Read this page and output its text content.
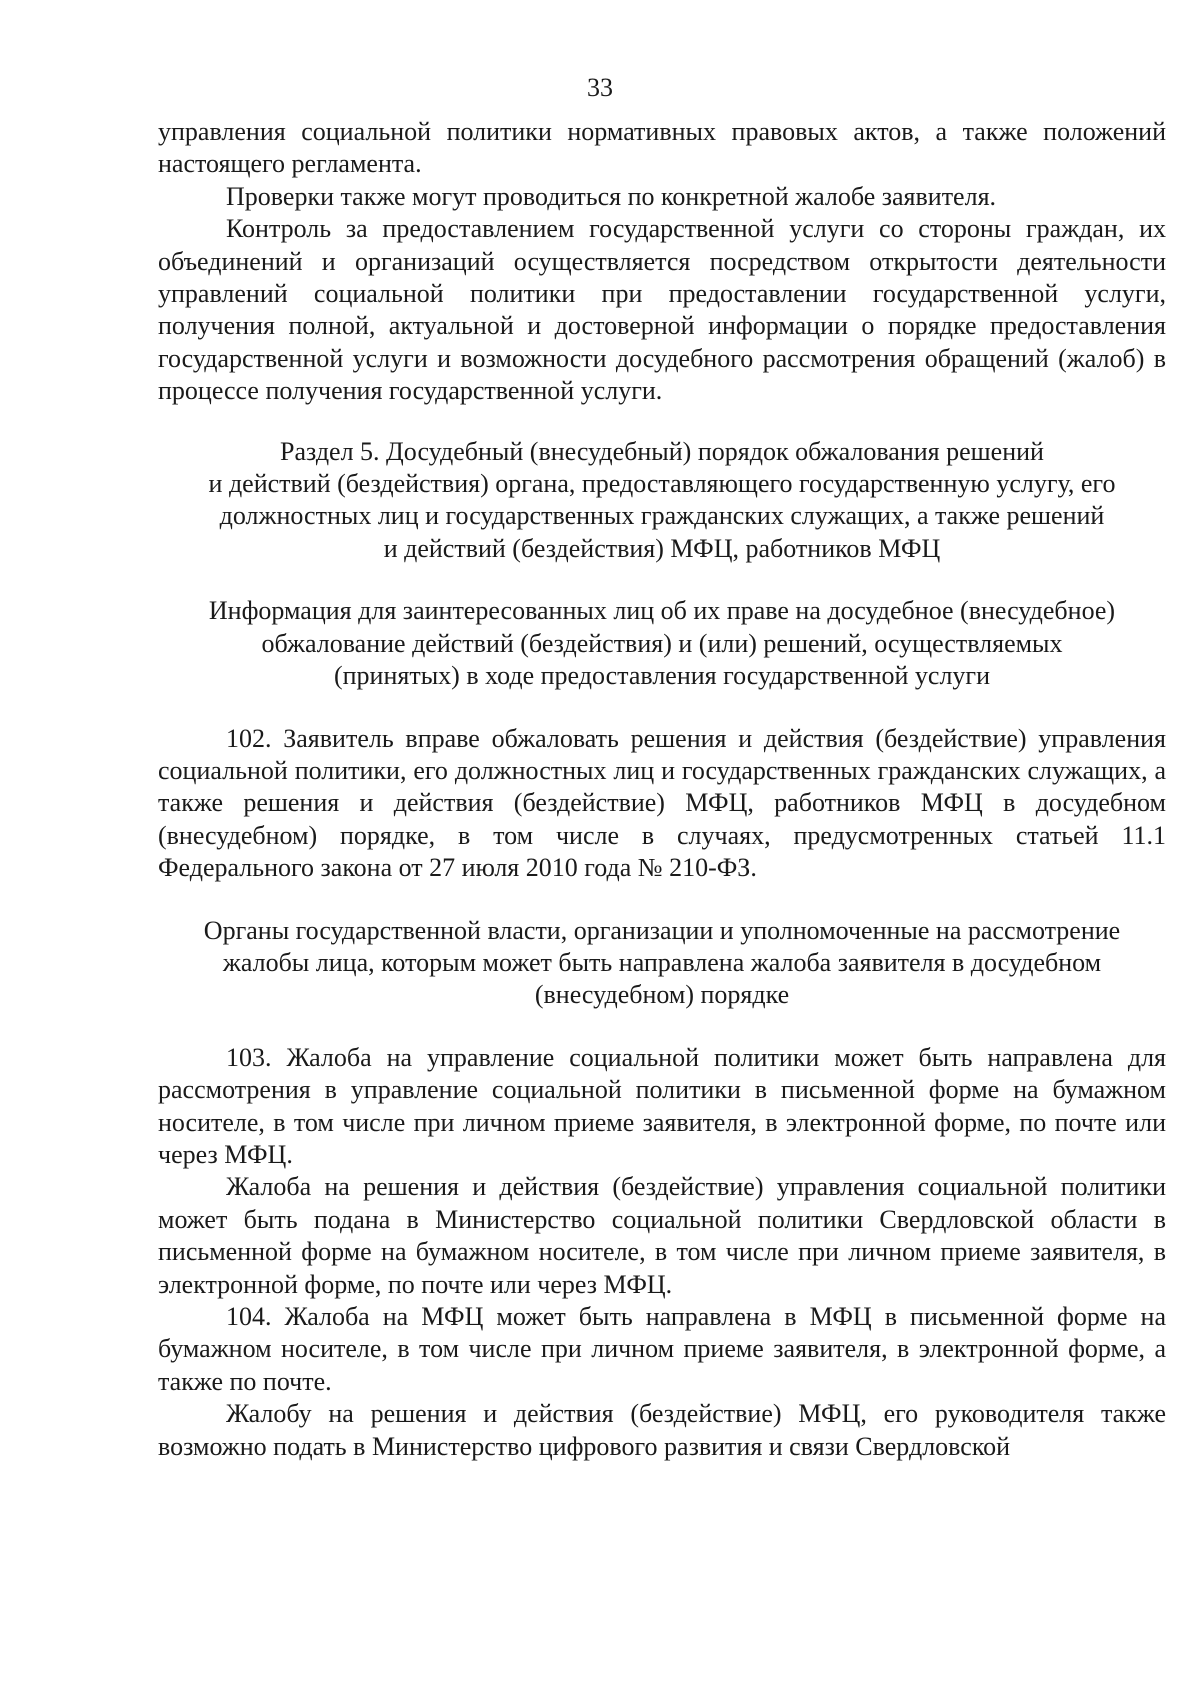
33

управления социальной политики нормативных правовых актов, а также положений настоящего регламента.

Проверки также могут проводиться по конкретной жалобе заявителя.

Контроль за предоставлением государственной услуги со стороны граждан, их объединений и организаций осуществляется посредством открытости деятельности управлений социальной политики при предоставлении государственной услуги, получения полной, актуальной и достоверной информации о порядке предоставления государственной услуги и возможности досудебного рассмотрения обращений (жалоб) в процессе получения государственной услуги.

Раздел 5. Досудебный (внесудебный) порядок обжалования решений

и действий (бездействия) органа, предоставляющего государственную услугу, его

должностных лиц и государственных гражданских служащих, а также решений

и действий (бездействия) МФЦ, работников МФЦ

Информация для заинтересованных лиц об их праве на досудебное (внесудебное)

обжалование действий (бездействия) и (или) решений, осуществляемых

(принятых) в ходе предоставления государственной услуги

102. Заявитель вправе обжаловать решения и действия (бездействие) управления социальной политики, его должностных лиц и государственных гражданских служащих, а также решения и действия (бездействие) МФЦ, работников МФЦ в досудебном (внесудебном) порядке, в том числе в случаях, предусмотренных статьей 11.1 Федерального закона от 27 июля 2010 года № 210-ФЗ.

Органы государственной власти, организации и уполномоченные на рассмотрение

жалобы лица, которым может быть направлена жалоба заявителя в досудебном

(внесудебном) порядке

103. Жалоба на управление социальной политики может быть направлена для рассмотрения в управление социальной политики в письменной форме на бумажном носителе, в том числе при личном приеме заявителя, в электронной форме, по почте или через МФЦ.

Жалоба на решения и действия (бездействие) управления социальной политики может быть подана в Министерство социальной политики Свердловской области в письменной форме на бумажном носителе, в том числе при личном приеме заявителя, в электронной форме, по почте или через МФЦ.

104. Жалоба на МФЦ может быть направлена в МФЦ в письменной форме на бумажном носителе, в том числе при личном приеме заявителя, в электронной форме, а также по почте.

Жалобу на решения и действия (бездействие) МФЦ, его руководителя также возможно подать в Министерство цифрового развития и связи Свердловской
